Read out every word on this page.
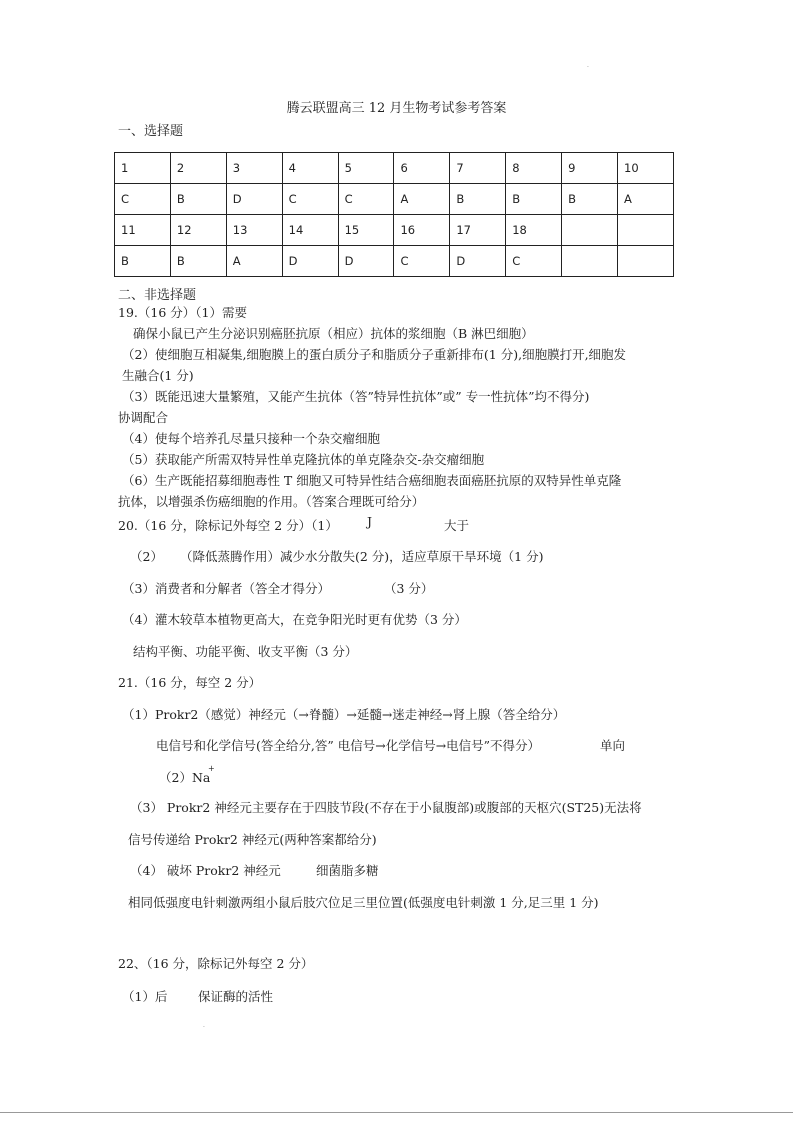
·
腾云联盟高三 12 月生物考试参考答案
一、选择题
1	2	3	4	5	6	7	8	9	10
C	B	D	C	C	A	B	B	B	A
11	12	13	14	15	16	17	18		
B	B	A	D	D	C	D	C		
二、非选择题
19.（16 分）（1）需要
确保小鼠已产生分泌识别癌胚抗原（相应）抗体的浆细胞（B 淋巴细胞）
（2）使细胞互相凝集,细胞膜上的蛋白质分子和脂质分子重新排布(1 分),细胞膜打开,细胞发
生融合(1 分)
（3）既能迅速大量繁殖，又能产生抗体（答”特异性抗体”或” 专一性抗体”均不得分)
协调配合
（4）使每个培养孔尽量只接种一个杂交瘤细胞
（5）获取能产所需双特异性单克隆抗体的单克隆杂交-杂交瘤细胞
（6）生产既能招募细胞毒性 T 细胞又可特异性结合癌细胞表面癌胚抗原的双特异性单克隆
抗体，以增强杀伤癌细胞的作用。（答案合理既可给分）
20.（16 分，除标记外每空 2 分）（1） J	大于
（2） （降低蒸腾作用）减少水分散失(2 分)，适应草原干旱环境（1 分)
（3）消费者和分解者（答全才得分）	（3 分）
（4）灌木较草本植物更高大，在竞争阳光时更有优势（3 分）
结构平衡、功能平衡、收支平衡（3 分）
21.（16 分，每空 2 分）
（1）Prokr2（感觉）神经元（→脊髓）→延髓→迷走神经→肾上腺（答全给分）
电信号和化学信号(答全给分,答” 电信号→化学信号→电信号”不得分）	单向
（2）Na
+
（3） Prokr2 神经元主要存在于四肢节段(不存在于小鼠腹部)或腹部的天枢穴(ST25)无法将
信号传递给 Prokr2 神经元(两种答案都给分)
（4） 破坏 Prokr2 神经元	细菌脂多糖
相同低强度电针刺激两组小鼠后肢穴位足三里位置(低强度电针刺激 1 分,足三里 1 分)
22、（16 分，除标记外每空 2 分）
（1）后 保证酶的活性
·
